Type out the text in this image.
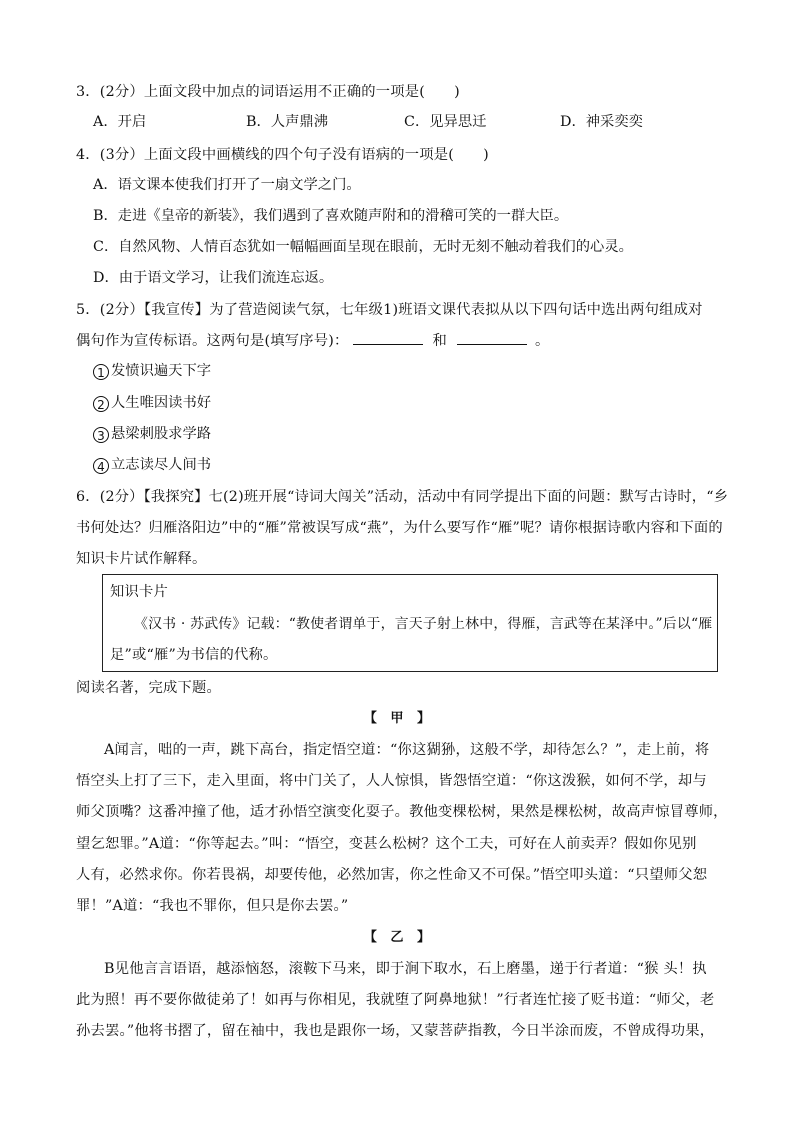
3．(2分）上面文段中加点的词语运用不正确的一项是(　　)
A．开启	B．人声鼎沸	C．见异思迁	D．神采奕奕
4．(3分）上面文段中画横线的四个句子没有语病的一项是(　　)
A．语文课本使我们打开了一扇文学之门。
B．走进《皇帝的新装》，我们遇到了喜欢随声附和的滑稽可笑的一群大臣。
C．自然风物、人情百态犹如一幅幅画面呈现在眼前，无时无刻不触动着我们的心灵。
D．由于语文学习，让我们流连忘返。
5．(2分）【我宣传】为了营造阅读气氛，七年级1)班语文课代表拟从以下四句话中选出两句组成对
偶句作为宣传标语。这两句是(填写序号)：	和	。
1 发愤识遍天下字
2 人生唯因读书好
3 悬梁刺股求学路
4 立志读尽人间书
6．(2分）【我探究】七(2)班开展“诗词大闯关”活动，活动中有同学提出下面的问题：默写古诗时，“乡
书何处达？归雁洛阳边”中的“雁”常被误写成“燕”，为什么要写作“雁”呢？请你根据诗歌内容和下面的
知识卡片试作解释。
知识卡片
《汉书 · 苏武传》记载：“教使者谓单于，言天子射上林中，得雁，言武等在某泽中。”后以“雁
足”或“雁”为书信的代称。
阅读名著，完成下题。
【　甲　】
A闻言，咄的一声，跳下高台，指定悟空道：“你这猢狲，这般不学，却待怎么？”，走上前，将
悟空头上打了三下，走入里面，将中门关了，人人惊惧，皆怨悟空道：“你这泼猴，如何不学，却与
师父顶嘴？这番冲撞了他，适才孙悟空演变化耍子。教他变棵松树，果然是棵松树，故高声惊冒尊师，
望乞恕罪。”A道：“你等起去。”叫：“悟空，变甚么松树？这个工夫，可好在人前卖弄？假如你见别
人有，必然求你。你若畏祸，却要传他，必然加害，你之性命又不可保。”悟空叩头道：“只望师父恕
罪！”A道：“我也不罪你，但只是你去罢。”
【　乙　】
B见他言言语语，越添恼怒，滚鞍下马来，即于涧下取水，石上磨墨，递于行者道：“猴 头！执
此为照！再不要你做徒弟了！如再与你相见，我就堕了阿鼻地狱！”行者连忙接了贬书道：“师父，老
孙去罢。”他将书摺了，留在袖中，我也是跟你一场，又蒙菩萨指教，今日半涂而废，不曾成得功果，
